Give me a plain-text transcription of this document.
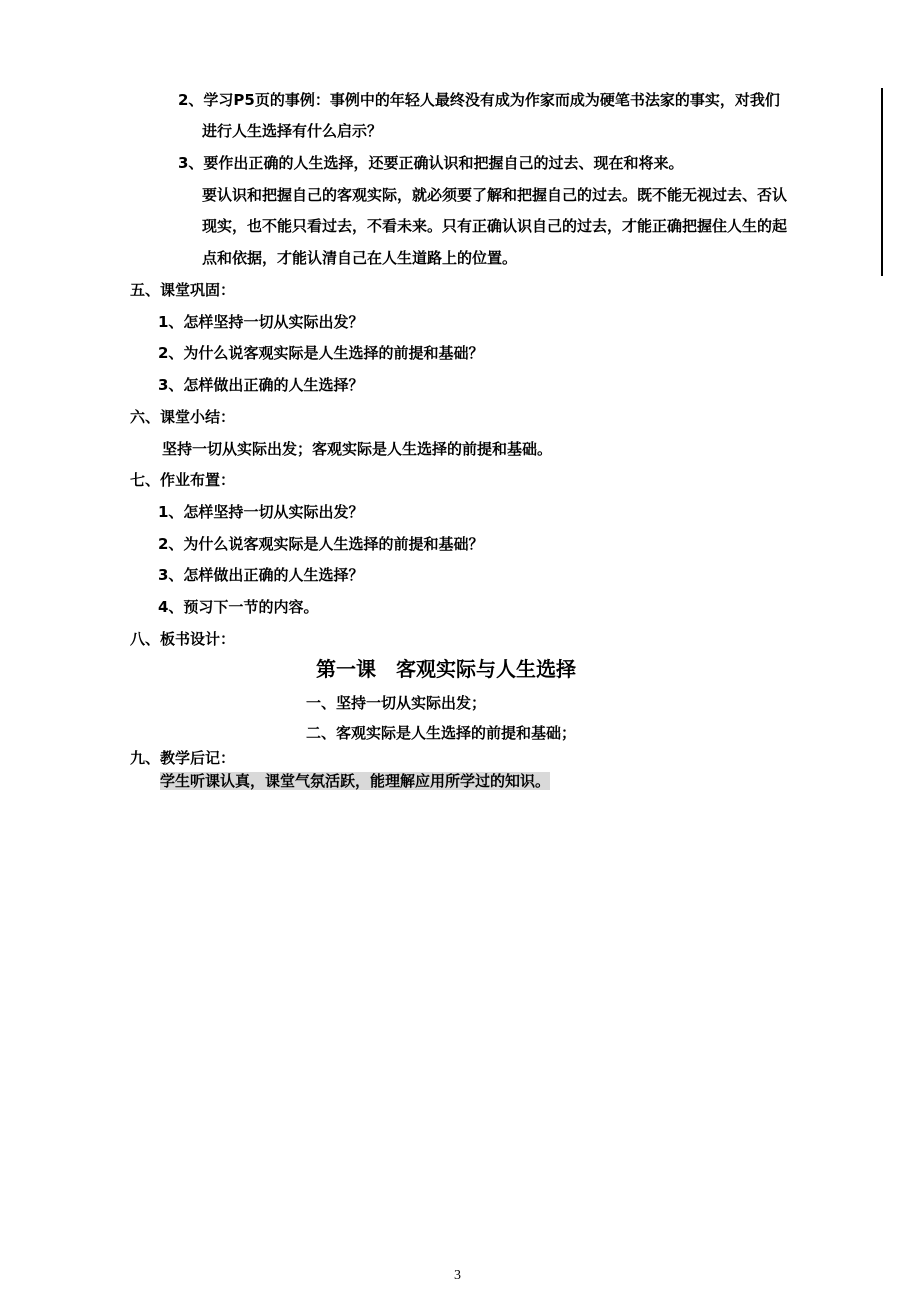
2、学习P5页的事例：事例中的年轻人最终没有成为作家而成为硬笔书法家的事实，对我们
进行人生选择有什么启示？
3、要作出正确的人生选择，还要正确认识和把握自己的过去、现在和将来。
要认识和把握自己的客观实际，就必须要了解和把握自己的过去。既不能无视过去、否认
现实，也不能只看过去，不看未来。只有正确认识自己的过去，才能正确把握住人生的起
点和依据，才能认清自己在人生道路上的位置。
五、课堂巩固：
1、怎样坚持一切从实际出发？
2、为什么说客观实际是人生选择的前提和基础？
3、怎样做出正确的人生选择？
六、课堂小结：
坚持一切从实际出发；客观实际是人生选择的前提和基础。
七、作业布置：
1、怎样坚持一切从实际出发？
2、为什么说客观实际是人生选择的前提和基础？
3、怎样做出正确的人生选择？
4、预习下一节的内容。
八、板书设计：
第一课　客观实际与人生选择
一、坚持一切从实际出发；
二、客观实际是人生选择的前提和基础；
九、教学后记：
学生听课认真，课堂气氛活跃，能理解应用所学过的知识。
3
